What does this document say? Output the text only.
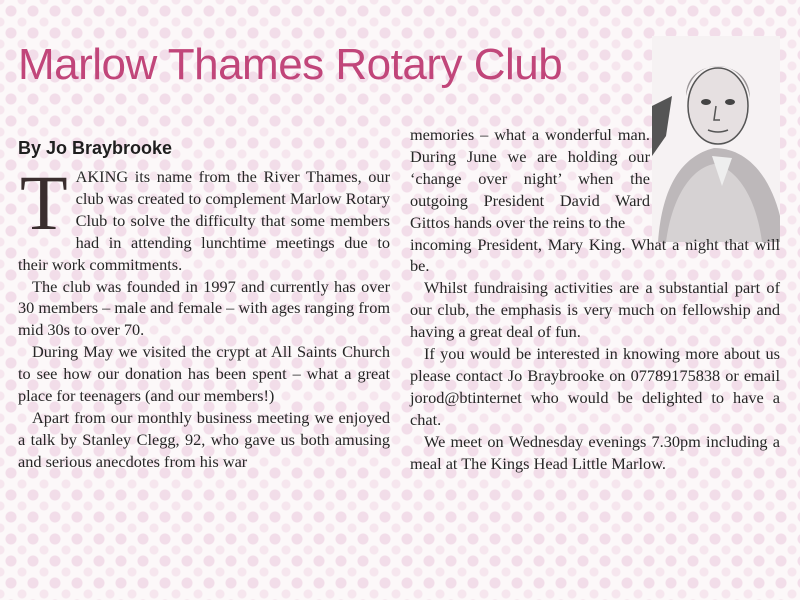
Marlow Thames Rotary Club
By Jo Braybrooke

T AKING its name from the River Thames, our club was created to complement Marlow Rotary Club to solve the difficulty that some members had in attending lunchtime meetings due to their work commitments.

The club was founded in 1997 and currently has over 30 members – male and female – with ages ranging from mid 30s to over 70.

During May we visited the crypt at All Saints Church to see how our donation has been spent – what a great place for teenagers (and our members!)

Apart from our monthly business meeting we enjoyed a talk by Stanley Clegg, 92, who gave us both amusing and serious anecdotes from his war

memories – what a wonderful man. During June we are holding our ‘change over night’ when the outgoing President David Ward Gittos hands over the reins to the

incoming President, Mary King. What a night that will be.

Whilst fundraising activities are a substantial part of our club, the emphasis is very much on fellowship and having a great deal of fun.

If you would be interested in knowing more about us please contact Jo Braybrooke on 07789175838 or email jorod@btinternet who would be delighted to have a chat.

We meet on Wednesday evenings 7.30pm including a meal at The Kings Head Little Marlow.
